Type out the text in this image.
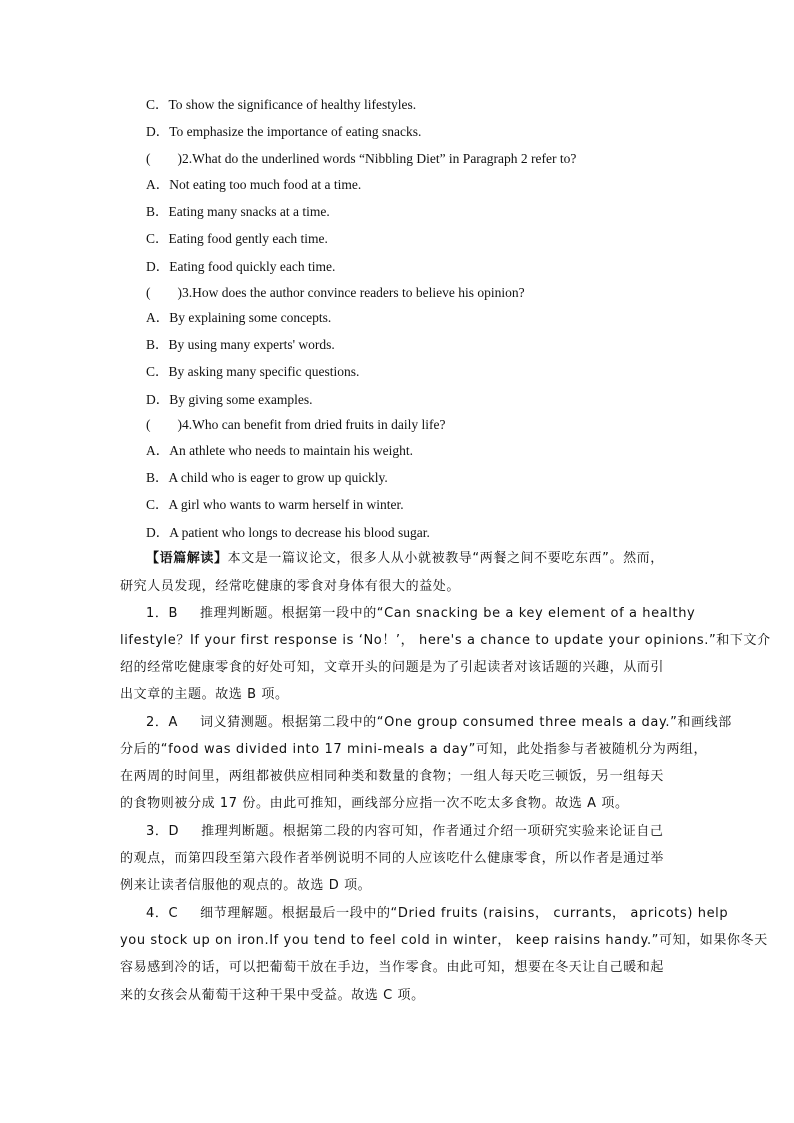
C．To show the significance of healthy lifestyles.
D．To emphasize the importance of eating snacks.
(　　)2.What do the underlined words “Nibbling Diet” in Paragraph 2 refer to?
A．Not eating too much food at a time.
B．Eating many snacks at a time.
C．Eating food gently each time.
D．Eating food quickly each time.
(　　)3.How does the author convince readers to believe his opinion?
A．By explaining some concepts.
B．By using many experts' words.
C．By asking many specific questions.
D．By giving some examples.
(　　)4.Who can benefit from dried fruits in daily life?
A．An athlete who needs to maintain his weight.
B．A child who is eager to grow up quickly.
C．A girl who wants to warm herself in winter.
D．A patient who longs to decrease his blood sugar.
【语篇解读】本文是一篇议论文，很多人从小就被教导“两餐之间不要吃东西”。然而，
研究人员发现，经常吃健康的零食对身体有很大的益处。
1．B 推理判断题。根据第一段中的“Can snacking be a key element of a healthy
lifestyle？If your first response is ‘No！’， here's a chance to update your opinions.”和下文介
绍的经常吃健康零食的好处可知，文章开头的问题是为了引起读者对该话题的兴趣，从而引
出文章的主题。故选 B 项。
2．A 词义猜测题。根据第二段中的“One group consumed three meals a day.”和画线部
分后的“food was divided into 17 mini-meals a day”可知，此处指参与者被随机分为两组，
在两周的时间里，两组都被供应相同种类和数量的食物；一组人每天吃三顿饭，另一组每天
的食物则被分成 17 份。由此可推知，画线部分应指一次不吃太多食物。故选 A 项。
3．D 推理判断题。根据第二段的内容可知，作者通过介绍一项研究实验来论证自己
的观点，而第四段至第六段作者举例说明不同的人应该吃什么健康零食，所以作者是通过举
例来让读者信服他的观点的。故选 D 项。
4．C 细节理解题。根据最后一段中的“Dried fruits (raisins， currants， apricots) help
you stock up on iron.If you tend to feel cold in winter， keep raisins handy.”可知，如果你冬天
容易感到冷的话，可以把葡萄干放在手边，当作零食。由此可知，想要在冬天让自己暖和起
来的女孩会从葡萄干这种干果中受益。故选 C 项。
